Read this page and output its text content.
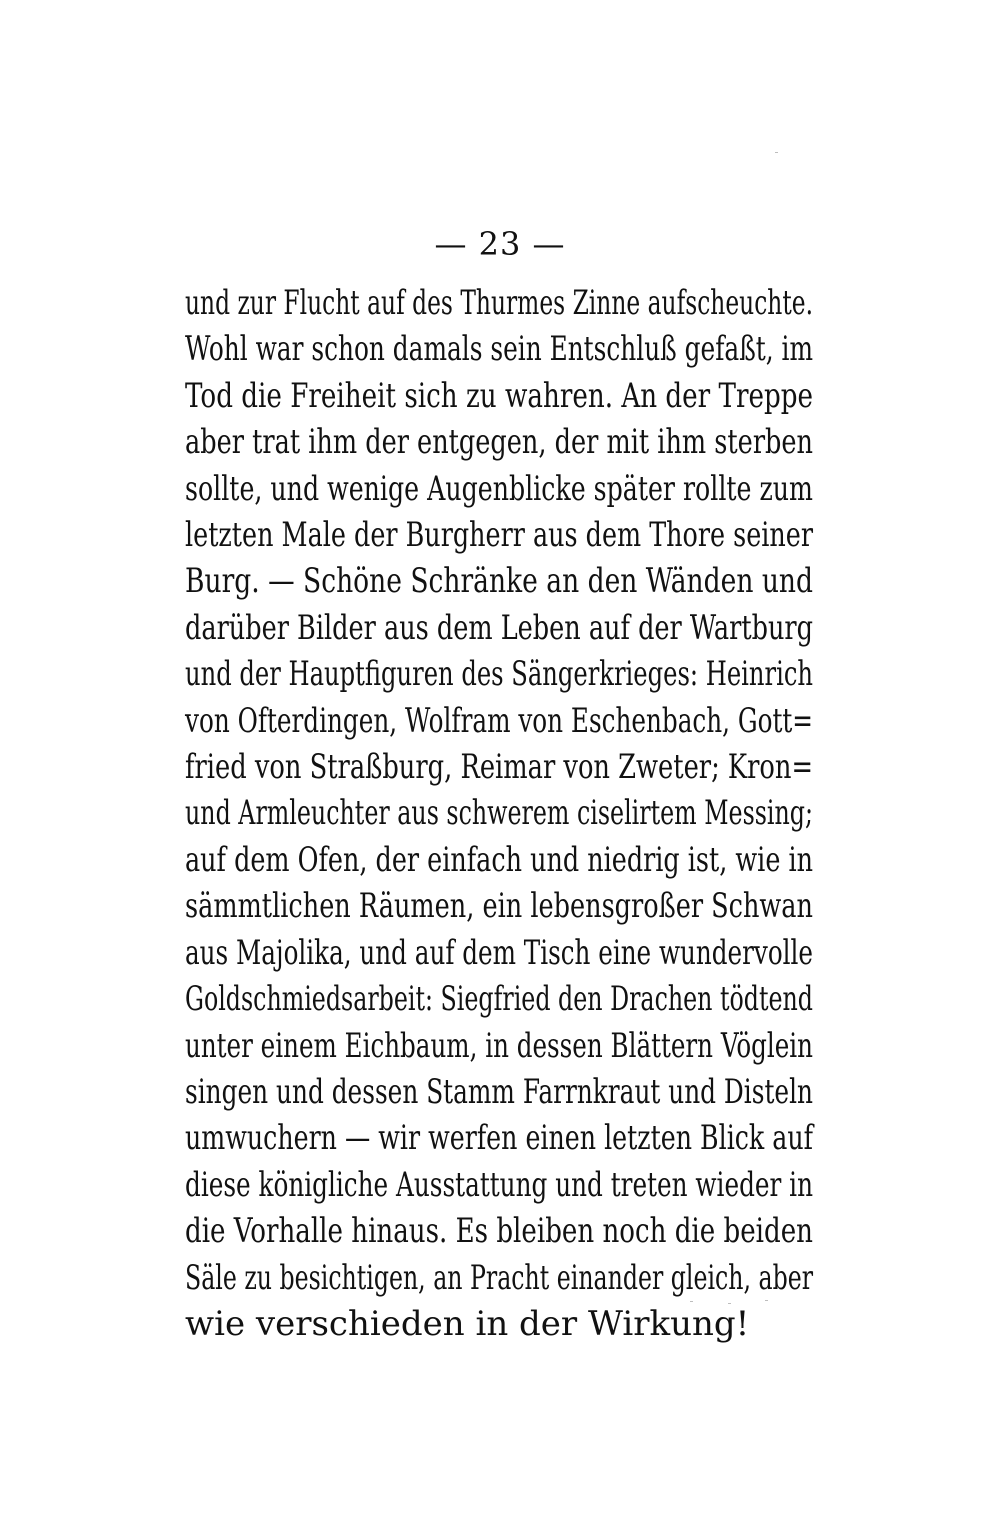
— 23 —
und zur Flucht auf des Thurmes Zinne aufscheuchte.
Wohl war schon damals sein Entschluß gefaßt, im
Tod die Freiheit sich zu wahren. An der Treppe
aber trat ihm der entgegen, der mit ihm sterben
sollte, und wenige Augenblicke später rollte zum
letzten Male der Burgherr aus dem Thore seiner
Burg. — Schöne Schränke an den Wänden und
darüber Bilder aus dem Leben auf der Wartburg
und der Hauptfiguren des Sängerkrieges: Heinrich
von Ofterdingen, Wolfram von Eschenbach, Gott=
fried von Straßburg, Reimar von Zweter; Kron=
und Armleuchter aus schwerem ciselirtem Messing;
auf dem Ofen, der einfach und niedrig ist, wie in
sämmtlichen Räumen, ein lebensgroßer Schwan
aus Majolika, und auf dem Tisch eine wundervolle
Goldschmiedsarbeit: Siegfried den Drachen tödtend
unter einem Eichbaum, in dessen Blättern Vöglein
singen und dessen Stamm Farrnkraut und Disteln
umwuchern — wir werfen einen letzten Blick auf
diese königliche Ausstattung und treten wieder in
die Vorhalle hinaus. Es bleiben noch die beiden
Säle zu besichtigen, an Pracht einander gleich, aber
wie verschieden in der Wirkung!
